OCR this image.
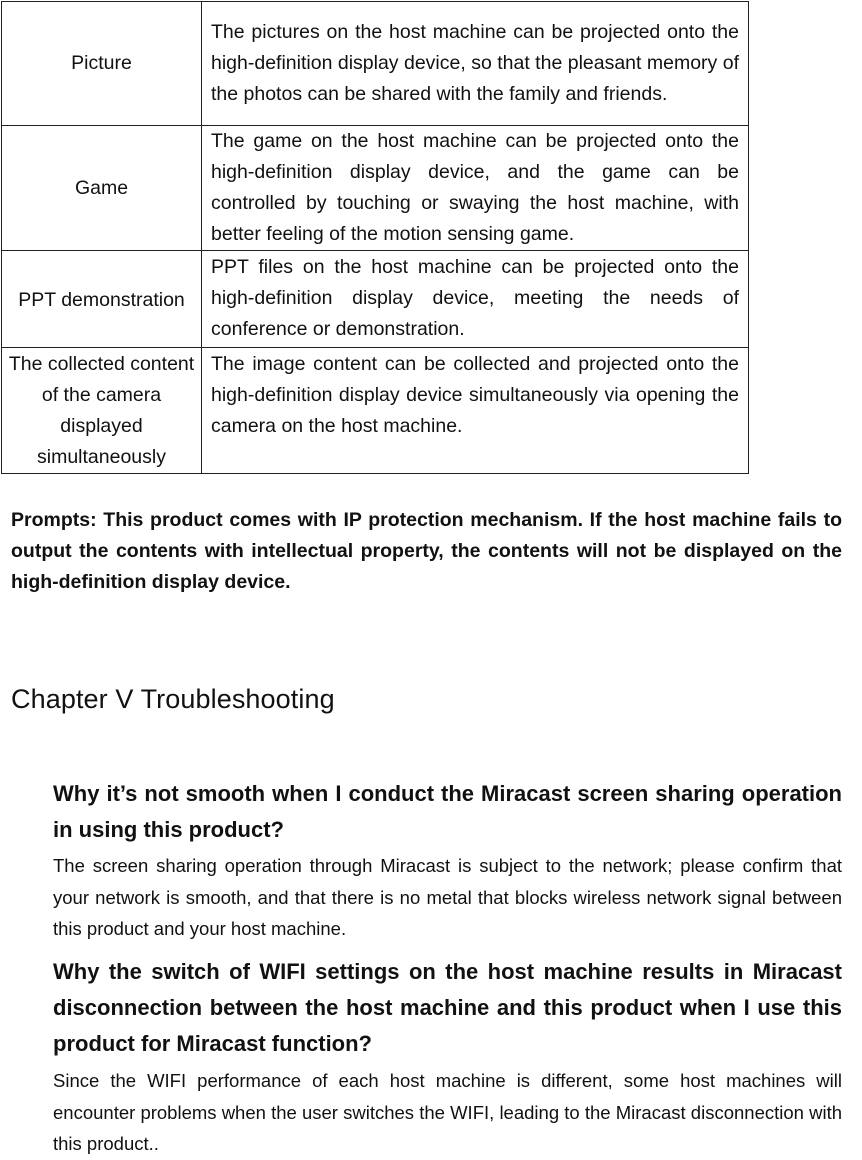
Picture	The pictures on the host machine can be projected onto the high-definition display device, so that the pleasant memory of the photos can be shared with the family and friends.
Game	The game on the host machine can be projected onto the high-definition display device, and the game can be controlled by touching or swaying the host machine, with better feeling of the motion sensing game.
PPT demonstration	PPT files on the host machine can be projected onto the high-definition display device, meeting the needs of conference or demonstration.
The collected content of the camera displayed simultaneously	The image content can be collected and projected onto the high-definition display device simultaneously via opening the camera on the host machine.

Prompts: This product comes with IP protection mechanism. If the host machine fails to output the contents with intellectual property, the contents will not be displayed on the high-definition display device.

Chapter V Troubleshooting
Why it’s not smooth when I conduct the Miracast screen sharing operation in using this product?

The screen sharing operation through Miracast is subject to the network; please confirm that your network is smooth, and that there is no metal that blocks wireless network signal between this product and your host machine.

Why the switch of WIFI settings on the host machine results in Miracast disconnection between the host machine and this product when I use this product for Miracast function?

Since the WIFI performance of each host machine is different, some host machines will encounter problems when the user switches the WIFI, leading to the Miracast disconnection with this product..
